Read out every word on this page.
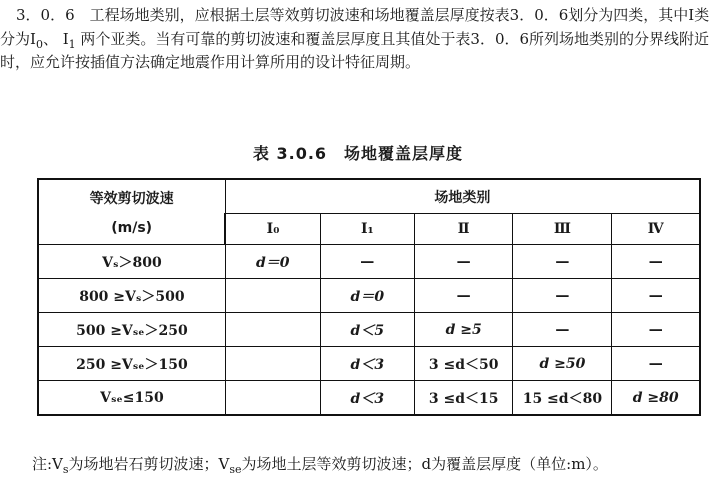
3．0．6　 工程场地类别，应根据土层等效剪切波速和场地覆盖层厚度按表3．0．6划分为四类，其中Ⅰ类分为$Ⅰ_0$、 $Ⅰ_1$ 两个亚类。当有可靠的剪切波速和覆盖层厚度且其值处于表3．0．6所列场地类别的分界线附近时，应允许按插值方法确定地震作用计算所用的设计特征周期。

表 3.0.6　场地覆盖层厚度
等效剪切波速
(m/s)	场地类别				
	Ⅰ₀	Ⅰ₁	Ⅱ	Ⅲ	Ⅳ
Vₛ＞800	d＝0	—	—	—	—
800 ≥Vₛ＞500		d＝0	—	—	—
500 ≥Vₛₑ＞250		d＜5	d ≥5	—	—
250 ≥Vₛₑ＞150		d＜3	3 ≤d＜50	d ≥50	—
Vₛₑ≤150		d＜3	3 ≤d＜15	15 ≤d＜80	d ≥80

注$:V_s$为场地岩石剪切波速；$V_{se}$为场地土层等效剪切波速；d为覆盖层厚度（单位:m）。
